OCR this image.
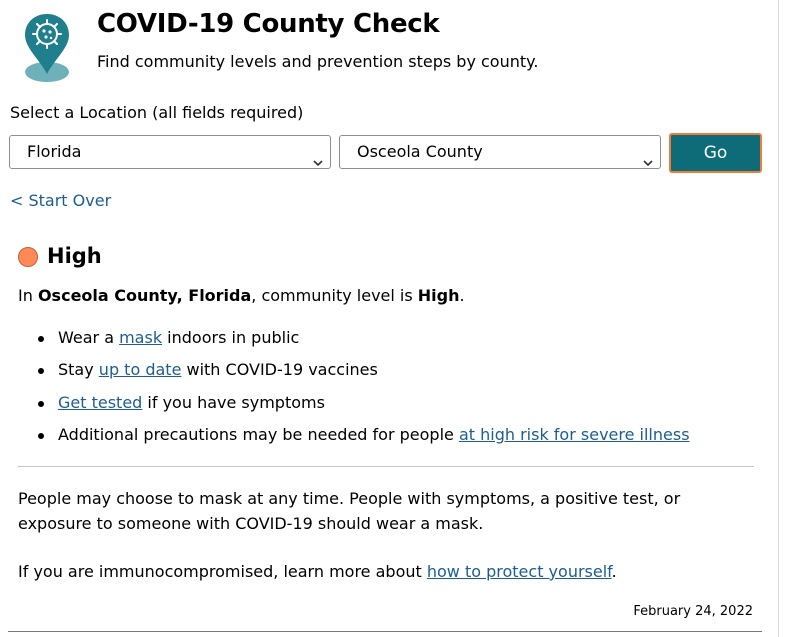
COVID-19 County Check
Find community levels and prevention steps by county.
Select a Location (all fields required)
Florida	Osceola County	Go
< Start Over
High
In Osceola County, Florida, community level is High.
Wear a mask indoors in public
Stay up to date with COVID-19 vaccines
Get tested if you have symptoms
Additional precautions may be needed for people at high risk for severe illness
People may choose to mask at any time. People with symptoms, a positive test, or exposure to someone with COVID-19 should wear a mask.
If you are immunocompromised, learn more about how to protect yourself.
February 24, 2022
